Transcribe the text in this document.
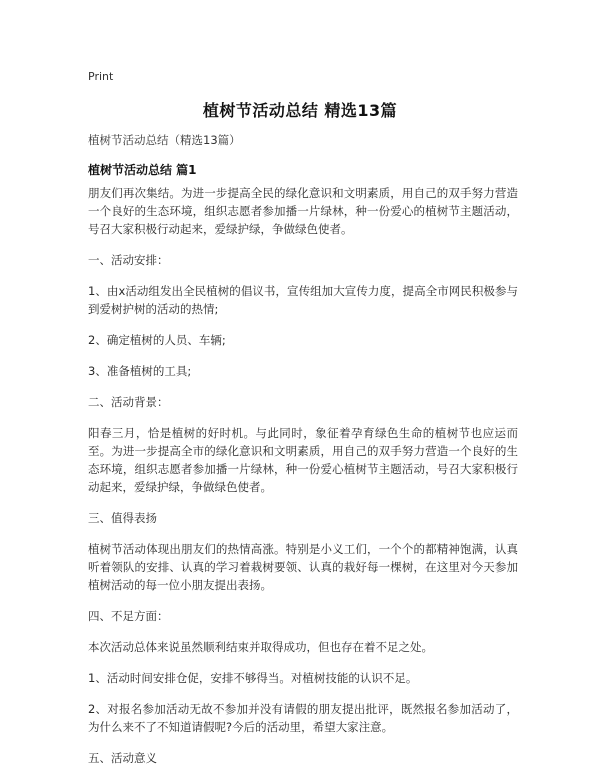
Print
植树节活动总结 精选13篇
植树节活动总结（精选13篇）
植树节活动总结 篇1

朋友们再次集结。为进一步提高全民的绿化意识和文明素质，用自己的双手努力营造一个良好的生态环境，组织志愿者参加播一片绿林，种一份爱心的植树节主题活动，号召大家积极行动起来，爱绿护绿，争做绿色使者。

一、活动安排：

1、由x活动组发出全民植树的倡议书，宣传组加大宣传力度，提高全市网民积极参与到爱树护树的活动的热情;

2、确定植树的人员、车辆;

3、准备植树的工具;

二、活动背景：

阳春三月，恰是植树的好时机。与此同时，象征着孕育绿色生命的植树节也应运而至。为进一步提高全市的绿化意识和文明素质，用自己的双手努力营造一个良好的生态环境，组织志愿者参加播一片绿林，种一份爱心植树节主题活动，号召大家积极行动起来，爱绿护绿，争做绿色使者。

三、值得表扬

植树节活动体现出朋友们的热情高涨。特别是小义工们，一个个的都精神饱满，认真听着领队的安排、认真的学习着栽树要领、认真的栽好每一棵树，在这里对今天参加植树活动的每一位小朋友提出表扬。

四、不足方面：

本次活动总体来说虽然顺利结束并取得成功，但也存在着不足之处。

1、活动时间安排仓促，安排不够得当。对植树技能的认识不足。

2、对报名参加活动无故不参加并没有请假的朋友提出批评，既然报名参加活动了，为什么来不了不知道请假呢?今后的活动里，希望大家注意。

五、活动意义
